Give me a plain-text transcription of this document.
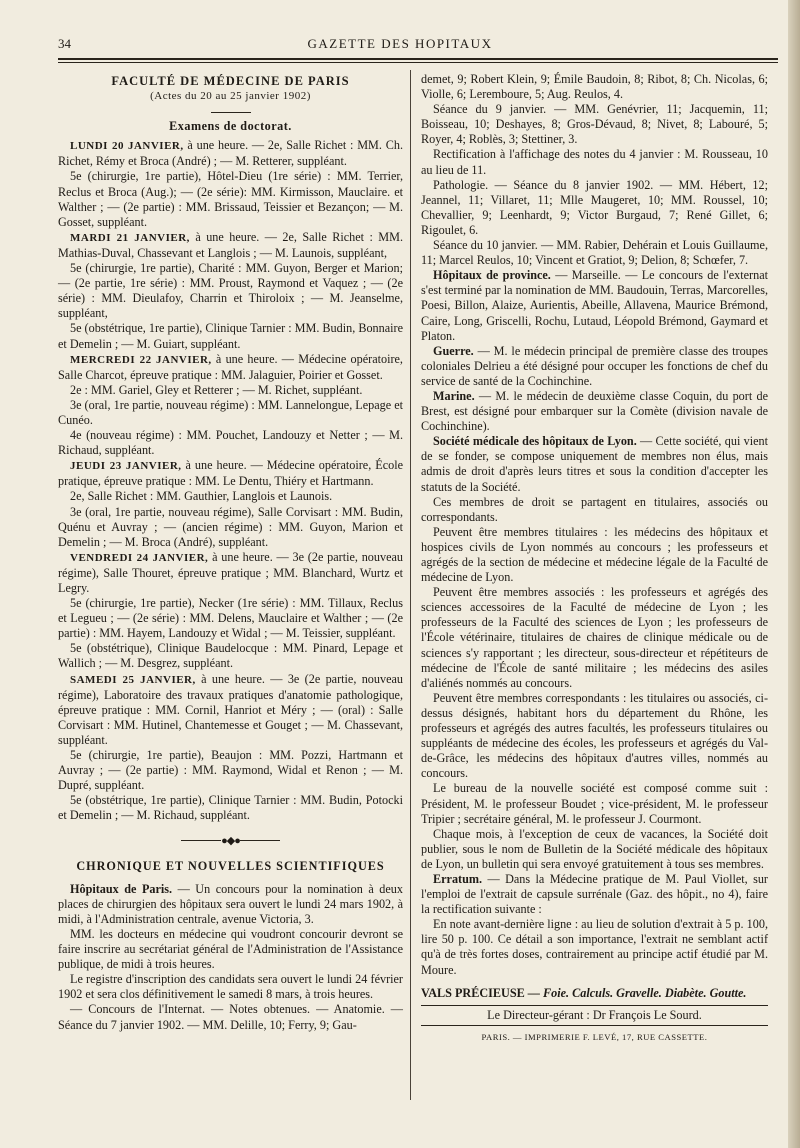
34	GAZETTE DES HOPITAUX
FACULTÉ DE MÉDECINE DE PARIS
(Actes du 20 au 25 janvier 1902)
Examens de doctorat.

LUNDI 20 JANVIER, à une heure. — 2e, Salle Richet : MM. Ch. Richet, Rémy et Broca (André) ; — M. Retterer, suppléant.

5e (chirurgie, 1re partie), Hôtel-Dieu (1re série) : MM. Terrier, Reclus et Broca (Aug.); — (2e série): MM. Kirmisson, Mauclaire. et Walther ; — (2e partie) : MM. Brissaud, Teissier et Bezançon; — M. Gosset, suppléant.

MARDI 21 JANVIER, à une heure. — 2e, Salle Richet : MM. Mathias-Duval, Chassevant et Langlois ; — M. Launois, suppléant,

5e (chirurgie, 1re partie), Charité : MM. Guyon, Berger et Marion; — (2e partie, 1re série) : MM. Proust, Raymond et Vaquez ; — (2e série) : MM. Dieulafoy, Charrin et Thiroloix ; — M. Jeanselme, suppléant,

5e (obstétrique, 1re partie), Clinique Tarnier : MM. Budin, Bonnaire et Demelin ; — M. Guiart, suppléant.

MERCREDI 22 JANVIER, à une heure. — Médecine opératoire, Salle Charcot, épreuve pratique : MM. Jalaguier, Poirier et Gosset.

2e : MM. Gariel, Gley et Retterer ; — M. Richet, suppléant.

3e (oral, 1re partie, nouveau régime) : MM. Lannelongue, Lepage et Cunéo.

4e (nouveau régime) : MM. Pouchet, Landouzy et Netter ; — M. Richaud, suppléant.

JEUDI 23 JANVIER, à une heure. — Médecine opératoire, École pratique, épreuve pratique : MM. Le Dentu, Thiéry et Hartmann.

2e, Salle Richet : MM. Gauthier, Langlois et Launois.

3e (oral, 1re partie, nouveau régime), Salle Corvisart : MM. Budin, Quénu et Auvray ; — (ancien régime) : MM. Guyon, Marion et Demelin ; — M. Broca (André), suppléant.

VENDREDI 24 JANVIER, à une heure. — 3e (2e partie, nouveau régime), Salle Thouret, épreuve pratique ; MM. Blanchard, Wurtz et Legry.

5e (chirurgie, 1re partie), Necker (1re série) : MM. Tillaux, Reclus et Legueu ; — (2e série) : MM. Delens, Mauclaire et Walther ; — (2e partie) : MM. Hayem, Landouzy et Widal ; — M. Teissier, suppléant.

5e (obstétrique), Clinique Baudelocque : MM. Pinard, Lepage et Wallich ; — M. Desgrez, suppléant.

SAMEDI 25 JANVIER, à une heure. — 3e (2e partie, nouveau régime), Laboratoire des travaux pratiques d'anatomie pathologique, épreuve pratique : MM. Cornil, Hanriot et Méry ; — (oral) : Salle Corvisart : MM. Hutinel, Chantemesse et Gouget ; — M. Chassevant, suppléant.

5e (chirurgie, 1re partie), Beaujon : MM. Pozzi, Hartmann et Auvray ; — (2e partie) : MM. Raymond, Widal et Renon ; — M. Dupré, suppléant.

5e (obstétrique, 1re partie), Clinique Tarnier : MM. Budin, Potocki et Demelin ; — M. Richaud, suppléant.

●◆●
CHRONIQUE ET NOUVELLES SCIENTIFIQUES

Hôpitaux de Paris. — Un concours pour la nomination à deux places de chirurgien des hôpitaux sera ouvert le lundi 24 mars 1902, à midi, à l'Administration centrale, avenue Victoria, 3.

MM. les docteurs en médecine qui voudront concourir devront se faire inscrire au secrétariat général de l'Administration de l'Assistance publique, de midi à trois heures.

Le registre d'inscription des candidats sera ouvert le lundi 24 février 1902 et sera clos définitivement le samedi 8 mars, à trois heures.

— Concours de l'Internat. — Notes obtenues. — Anatomie. — Séance du 7 janvier 1902. — MM. Delille, 10; Ferry, 9; Gau-

demet, 9; Robert Klein, 9; Émile Baudoin, 8; Ribot, 8; Ch. Nicolas, 6; Violle, 6; Leremboure, 5; Aug. Reulos, 4.

Séance du 9 janvier. — MM. Genévrier, 11; Jacquemin, 11; Boisseau, 10; Deshayes, 8; Gros-Dévaud, 8; Nivet, 8; Labouré, 5; Royer, 4; Roblès, 3; Stettiner, 3.

Rectification à l'affichage des notes du 4 janvier : M. Rousseau, 10 au lieu de 11.

Pathologie. — Séance du 8 janvier 1902. — MM. Hébert, 12; Jeannel, 11; Villaret, 11; Mlle Maugeret, 10; MM. Roussel, 10; Chevallier, 9; Leenhardt, 9; Victor Burgaud, 7; René Gillet, 6; Rigoulet, 6.

Séance du 10 janvier. — MM. Rabier, Dehérain et Louis Guillaume, 11; Marcel Reulos, 10; Vincent et Gratiot, 9; Delion, 8; Schœfer, 7.

Hôpitaux de province. — Marseille. — Le concours de l'externat s'est terminé par la nomination de MM. Baudouin, Terras, Marcorelles, Poesi, Billon, Alaize, Aurientis, Abeille, Allavena, Maurice Brémond, Caire, Long, Griscelli, Rochu, Lutaud, Léopold Brémond, Gaymard et Platon.

Guerre. — M. le médecin principal de première classe des troupes coloniales Delrieu a été désigné pour occuper les fonctions de chef du service de santé de la Cochinchine.

Marine. — M. le médecin de deuxième classe Coquin, du port de Brest, est désigné pour embarquer sur la Comète (division navale de Cochinchine).

Société médicale des hôpitaux de Lyon. — Cette société, qui vient de se fonder, se compose uniquement de membres non élus, mais admis de droit d'après leurs titres et sous la condition d'accepter les statuts de la Société.

Ces membres de droit se partagent en titulaires, associés ou correspondants.

Peuvent être membres titulaires : les médecins des hôpitaux et hospices civils de Lyon nommés au concours ; les professeurs et agrégés de la section de médecine et médecine légale de la Faculté de médecine de Lyon.

Peuvent être membres associés : les professeurs et agrégés des sciences accessoires de la Faculté de médecine de Lyon ; les professeurs de la Faculté des sciences de Lyon ; les professeurs de l'École vétérinaire, titulaires de chaires de clinique médicale ou de sciences s'y rapportant ; les directeur, sous-directeur et répétiteurs de médecine de l'École de santé militaire ; les médecins des asiles d'aliénés nommés au concours.

Peuvent être membres correspondants : les titulaires ou associés, ci-dessus désignés, habitant hors du département du Rhône, les professeurs et agrégés des autres facultés, les professeurs titulaires ou suppléants de médecine des écoles, les professeurs et agrégés du Val-de-Grâce, les médecins des hôpitaux d'autres villes, nommés au concours.

Le bureau de la nouvelle société est composé comme suit : Président, M. le professeur Boudet ; vice-président, M. le professeur Tripier ; secrétaire général, M. le professeur J. Courmont.

Chaque mois, à l'exception de ceux de vacances, la Société doit publier, sous le nom de Bulletin de la Société médicale des hôpitaux de Lyon, un bulletin qui sera envoyé gratuitement à tous ses membres.

Erratum. — Dans la Médecine pratique de M. Paul Viollet, sur l'emploi de l'extrait de capsule surrénale (Gaz. des hôpit., no 4), faire la rectification suivante :

En note avant-dernière ligne : au lieu de solution d'extrait à 5 p. 100, lire 50 p. 100. Ce détail a son importance, l'extrait ne semblant actif qu'à de très fortes doses, contrairement au principe actif étudié par M. Moure.

VALS PRÉCIEUSE — Foie. Calculs. Gravelle. Diabète. Goutte.

Le Directeur-gérant : Dr François Le Sourd.
PARIS. — IMPRIMERIE F. LEVÉ, 17, RUE CASSETTE.
